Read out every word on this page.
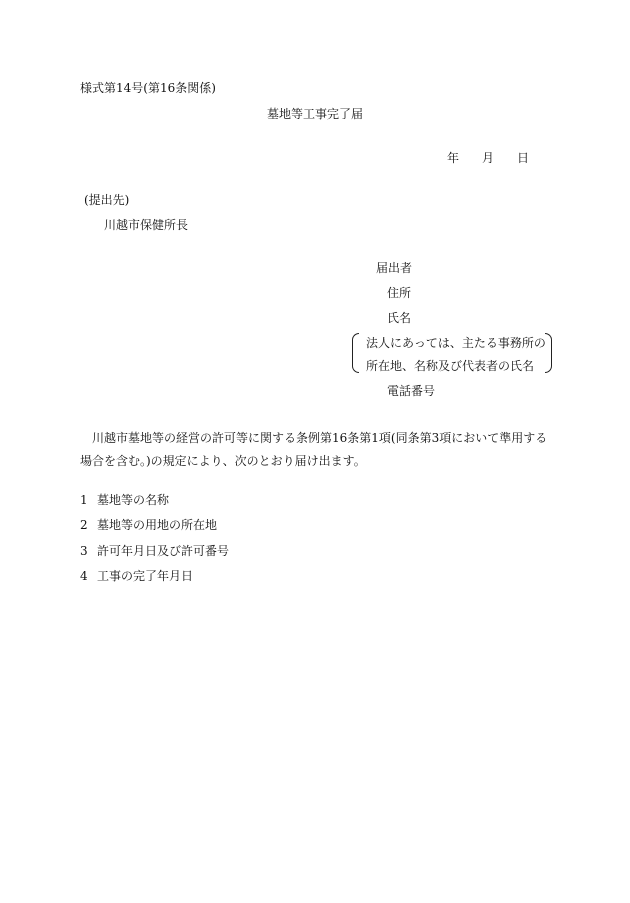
様式第14号(第16条関係)
墓地等工事完了届
年 月 日
(提出先)
川越市保健所長
届出者
住所
氏名
法人にあっては、主たる事務所の
所在地、名称及び代表者の氏名
電話番号
川越市墓地等の経営の許可等に関する条例第16条第1項(同条第3項において準用する場合を含む。)の規定により、次のとおり届け出ます。
1 墓地等の名称
2 墓地等の用地の所在地
3 許可年月日及び許可番号
4 工事の完了年月日
